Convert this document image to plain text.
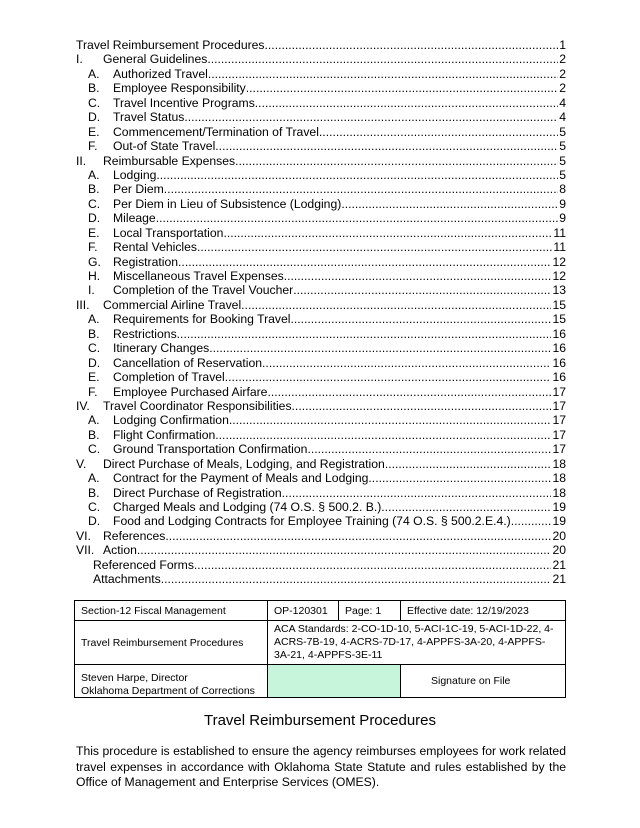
Travel Reimbursement Procedures .....	1
I.	General Guidelines .....	2
A.	Authorized Travel .....	2
B.	Employee Responsibility .....	2
C.	Travel Incentive Programs .....	4
D.	Travel Status .....	4
E.	Commencement/Termination of Travel .....	5
F.	Out-of State Travel .....	5
II.	Reimbursable Expenses .....	5
A.	Lodging .....	5
B.	Per Diem .....	8
C.	Per Diem in Lieu of Subsistence (Lodging) .....	9
D.	Mileage .....	9
E.	Local Transportation .....	11
F.	Rental Vehicles .....	11
G. Registration .....	12
H.	Miscellaneous Travel Expenses .....	12
I.	Completion of the Travel Voucher .....	13
III.	Commercial Airline Travel .....	15
A.	Requirements for Booking Travel .....	15
B.	Restrictions .....	16
C.	Itinerary Changes .....	16
D.	Cancellation of Reservation .....	16
E.	Completion of Travel .....	16
F.	Employee Purchased Airfare .....	17
IV.	Travel Coordinator Responsibilities .....	17
A.	Lodging Confirmation .....	17
B.	Flight Confirmation .....	17
C.	Ground Transportation Confirmation .....	17
V.	Direct Purchase of Meals, Lodging, and Registration .....	18
A.	Contract for the Payment of Meals and Lodging .....	18
B.	Direct Purchase of Registration .....	18
C.	Charged Meals and Lodging (74 O.S. § 500.2. B.) .....	19
D.	Food and Lodging Contracts for Employee Training (74 O.S. § 500.2.E.4.) .....	19
VI. References .....	20
VII. Action .....	20
Referenced Forms .....	21
Attachments .....	21
Section-12 Fiscal Management	OP-120301	Page: 1	Effective date: 12/19/2023
Travel Reimbursement Procedures	ACA Standards: 2-CO-1D-10, 5-ACI-1C-19, 5-ACI-1D-22, 4-ACRS-7B-19, 4-ACRS-7D-17, 4-APPFS-3A-20, 4-APPFS-3A-21, 4-APPFS-3E-11		

Steven Harpe, Director
Oklahoma Department of Corrections			Signature on File
Travel Reimbursement Procedures

This procedure is established to ensure the agency reimburses employees for work related travel expenses in accordance with Oklahoma State Statute and rules established by the Office of Management and Enterprise Services (OMES).
